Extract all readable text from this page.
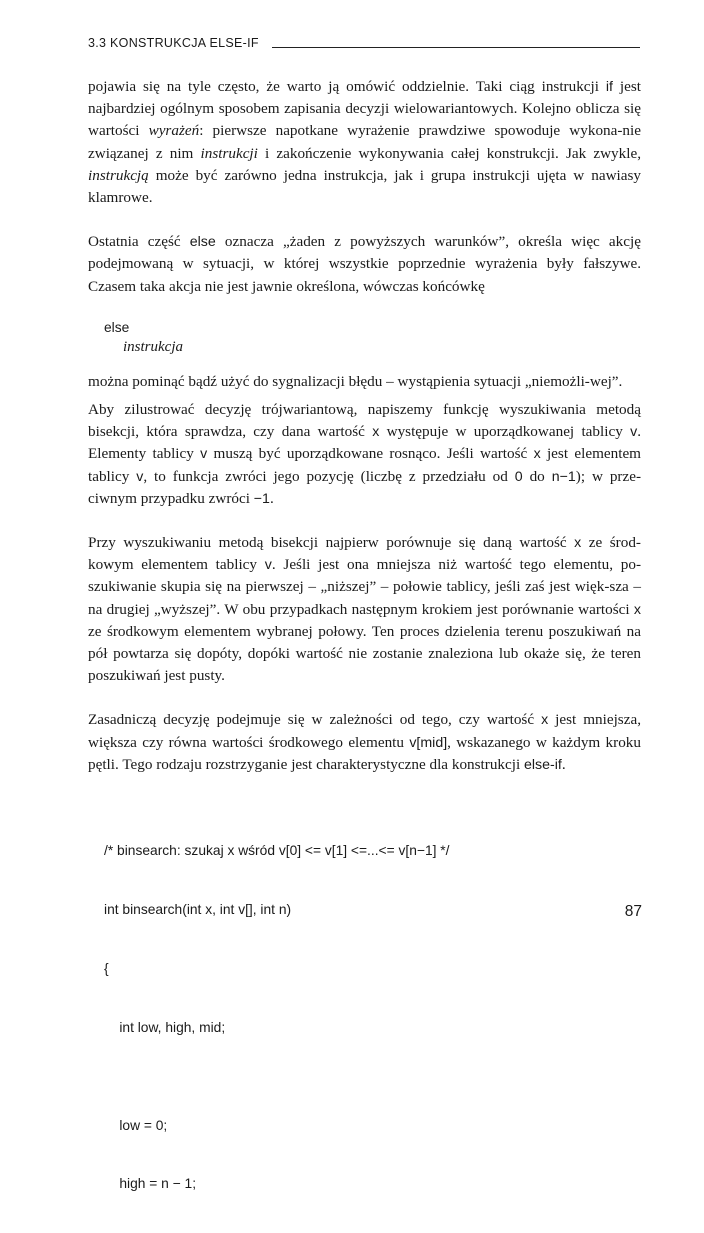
3.3 KONSTRUKCJA ELSE-IF

pojawia się na tyle często, że warto ją omówić oddzielnie. Taki ciąg instrukcji if jest najbardziej ogólnym sposobem zapisania decyzji wielowariantowych. Kolejno oblicza się wartości wyrażeń: pierwsze napotkane wyrażenie prawdziwe spowoduje wykona-nie związanej z nim instrukcji i zakończenie wykonywania całej konstrukcji. Jak zwykle, instrukcją może być zarówno jedna instrukcja, jak i grupa instrukcji ujęta w nawiasy klamrowe.

Ostatnia część else oznacza „żaden z powyższych warunków”, określa więc akcję podejmowaną w sytuacji, w której wszystkie poprzednie wyrażenia były fałszywe. Czasem taka akcja nie jest jawnie określona, wówczas końcówkę

else
instrukcja

można pominąć bądź użyć do sygnalizacji błędu – wystąpienia sytuacji „niemożli-wej”.

Aby zilustrować decyzję trójwariantową, napiszemy funkcję wyszukiwania metodą bisekcji, która sprawdza, czy dana wartość x występuje w uporządkowanej tablicy v. Elementy tablicy v muszą być uporządkowane rosnąco. Jeśli wartość x jest elementem tablicy v, to funkcja zwróci jego pozycję (liczbę z przedziału od 0 do n−1); w prze-ciwnym przypadku zwróci −1.

Przy wyszukiwaniu metodą bisekcji najpierw porównuje się daną wartość x ze środ-kowym elementem tablicy v. Jeśli jest ona mniejsza niż wartość tego elementu, po-szukiwanie skupia się na pierwszej – „niższej” – połowie tablicy, jeśli zaś jest więk-sza – na drugiej „wyższej”. W obu przypadkach następnym krokiem jest porównanie wartości x ze środkowym elementem wybranej połowy. Ten proces dzielenia terenu poszukiwań na pół powtarza się dopóty, dopóki wartość nie zostanie znaleziona lub okaże się, że teren poszukiwań jest pusty.

Zasadniczą decyzję podejmuje się w zależności od tego, czy wartość x jest mniejsza, większa czy równa wartości środkowego elementu v[mid], wskazanego w każdym kroku pętli. Tego rodzaju rozstrzyganie jest charakterystyczne dla konstrukcji else-if.

/* binsearch: szukaj x wśród v[0] <= v[1] <=...<= v[n−1] */

int binsearch(int x, int v[], int n)

{

int low, high, mid;

low = 0;

high = n − 1;

87
